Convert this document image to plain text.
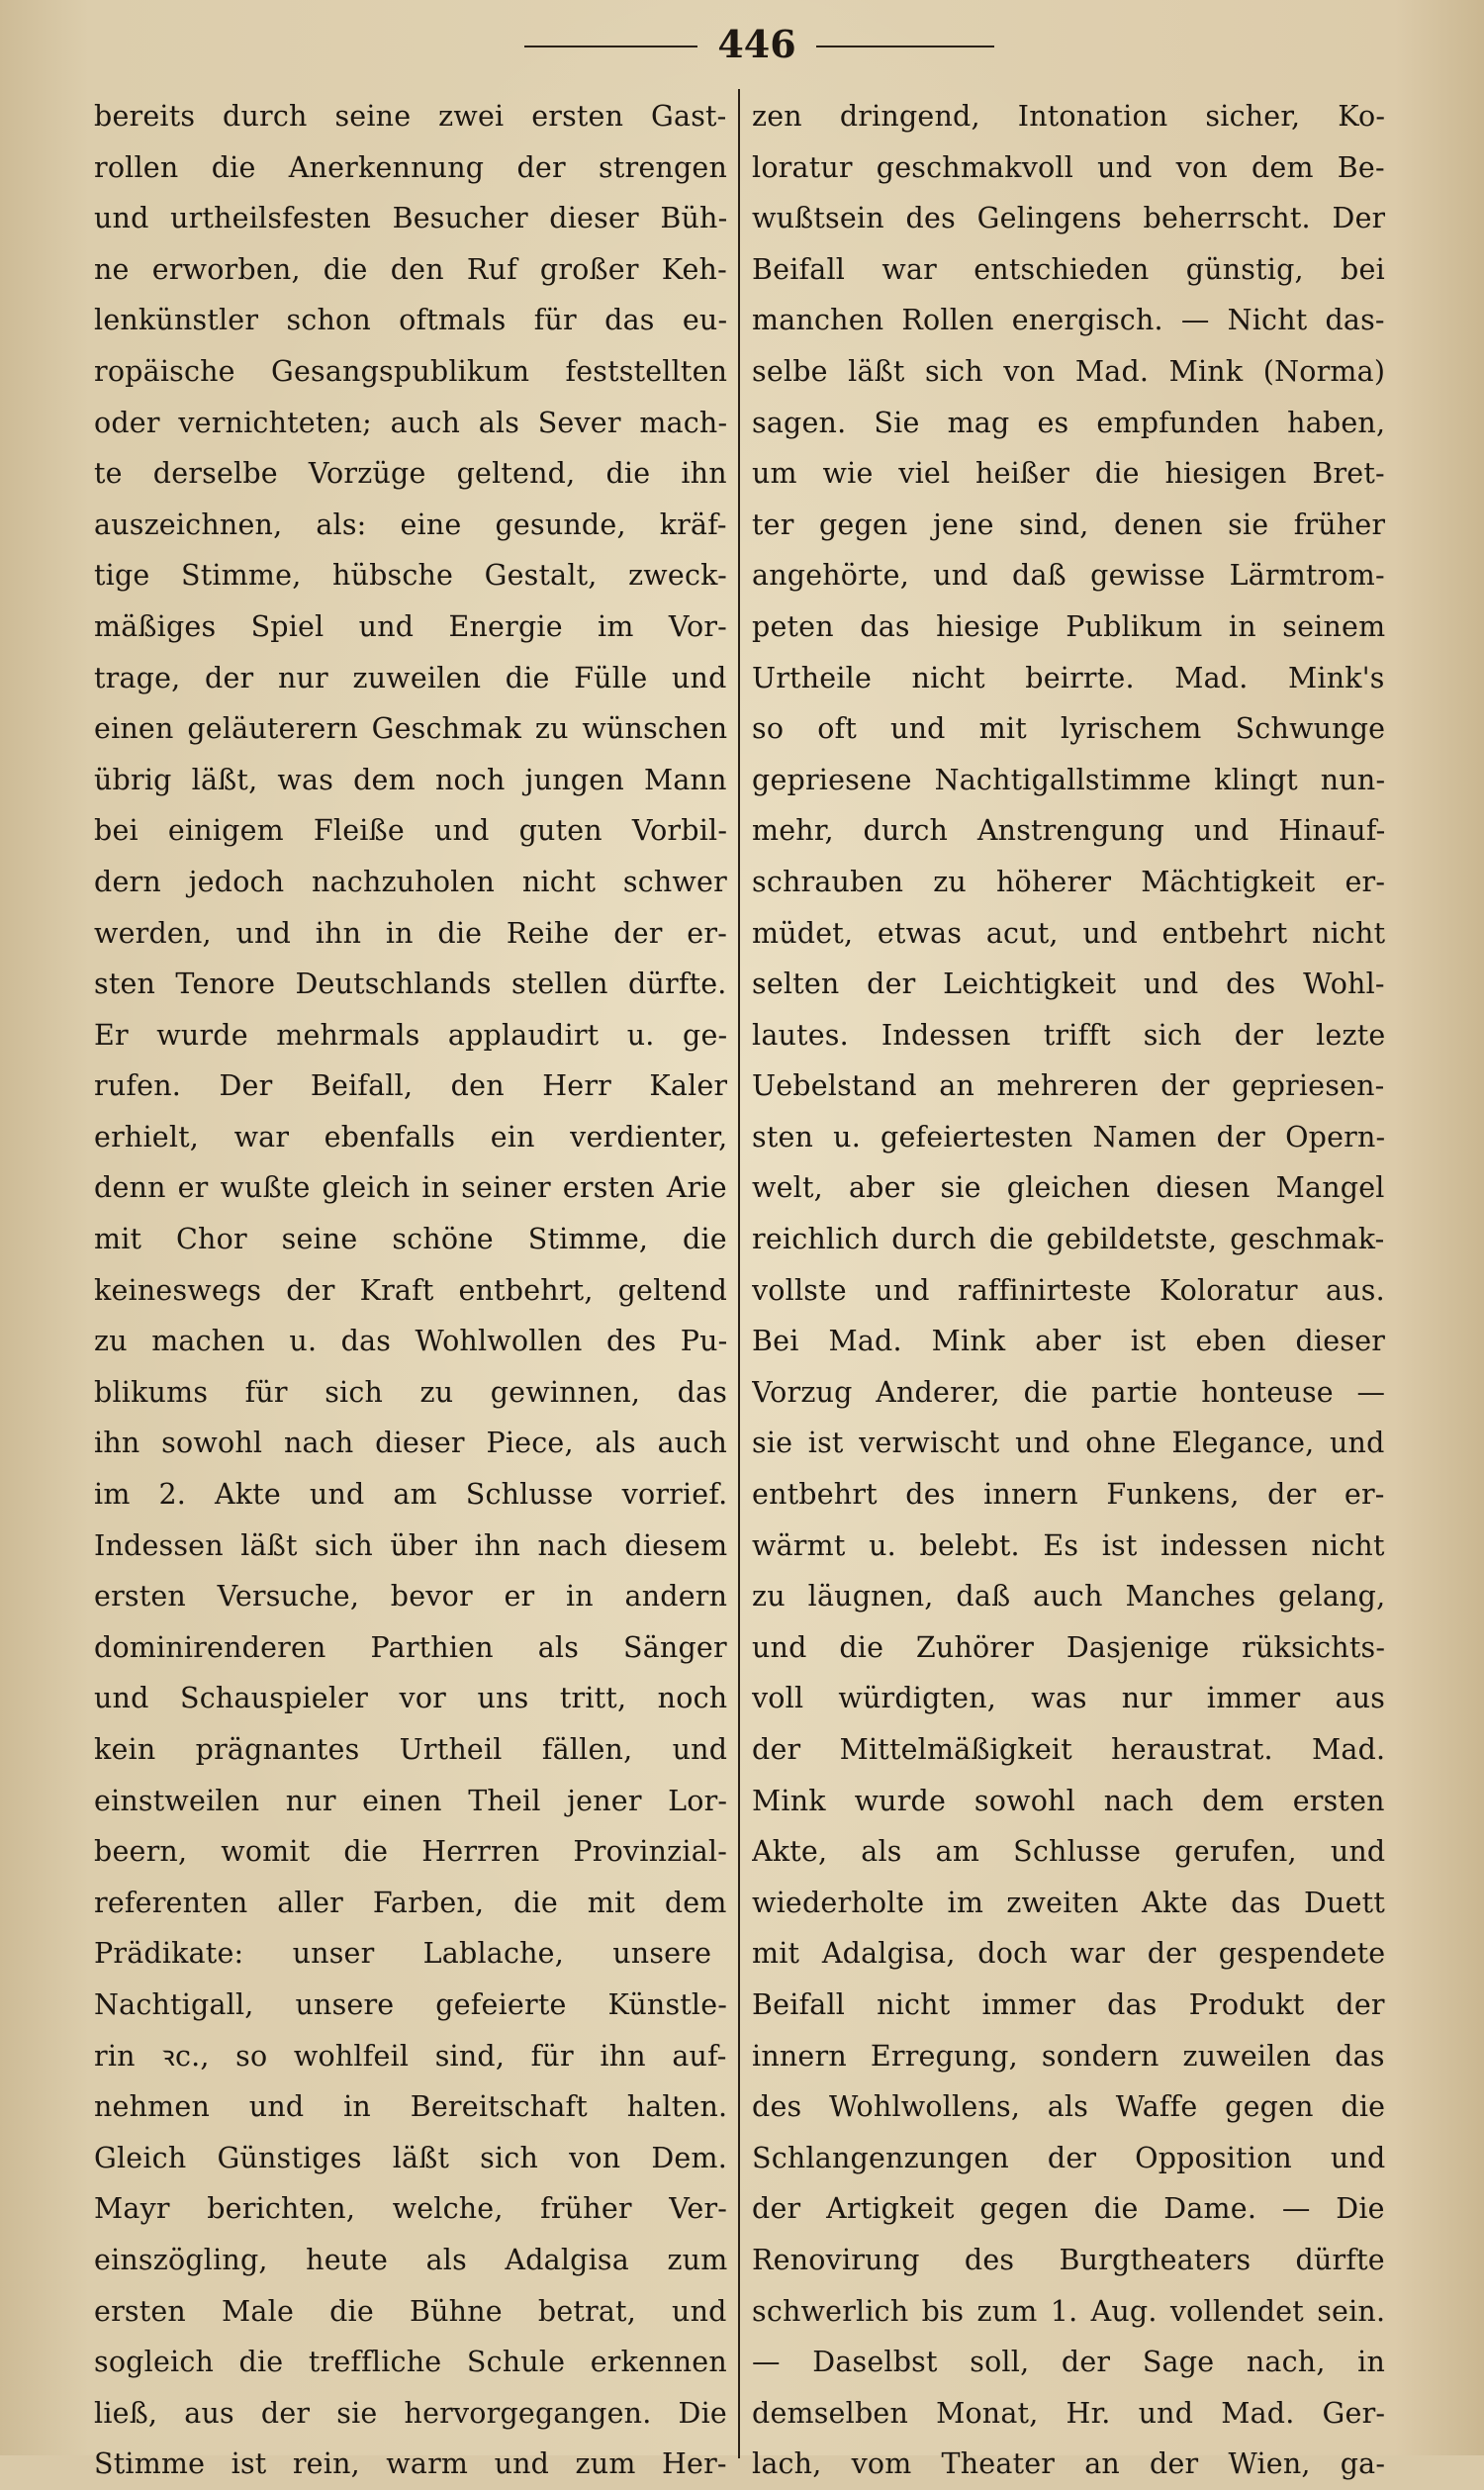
446
bereits durch seine zwei ersten Gast-
rollen die Anerkennung der strengen
und urtheilsfesten Besucher dieser Büh-
ne erworben, die den Ruf großer Keh-
lenkünstler schon oftmals für das eu-
ropäische Gesangspublikum feststellten
oder vernichteten; auch als Sever mach-
te derselbe Vorzüge geltend, die ihn
auszeichnen, als: eine gesunde, kräf-
tige Stimme, hübsche Gestalt, zweck-
mäßiges Spiel und Energie im Vor-
trage, der nur zuweilen die Fülle und
einen geläuterern Geschmak zu wünschen
übrig läßt, was dem noch jungen Mann
bei einigem Fleiße und guten Vorbil-
dern jedoch nachzuholen nicht schwer
werden, und ihn in die Reihe der er-
sten Tenore Deutschlands stellen dürfte.
Er wurde mehrmals applaudirt u. ge-
rufen. Der Beifall, den Herr Kaler
erhielt, war ebenfalls ein verdienter,
denn er wußte gleich in seiner ersten Arie
mit Chor seine schöne Stimme, die
keineswegs der Kraft entbehrt, geltend
zu machen u. das Wohlwollen des Pu-
blikums für sich zu gewinnen, das
ihn sowohl nach dieser Piece, als auch
im 2. Akte und am Schlusse vorrief.
Indessen läßt sich über ihn nach diesem
ersten Versuche, bevor er in andern
dominirenderen Parthien als Sänger
und Schauspieler vor uns tritt, noch
kein prägnantes Urtheil fällen, und
einstweilen nur einen Theil jener Lor-
beern, womit die Herrren Provinzial-
referenten aller Farben, die mit dem
Prädikate: unser Lablache, unsere
Nachtigall, unsere gefeierte Künstle-
rin ꝛc., so wohlfeil sind, für ihn auf-
nehmen und in Bereitschaft halten.
Gleich Günstiges läßt sich von Dem.
Mayr berichten, welche, früher Ver-
einszögling, heute als Adalgisa zum
ersten Male die Bühne betrat, und
sogleich die treffliche Schule erkennen
ließ, aus der sie hervorgegangen. Die
Stimme ist rein, warm und zum Her-
zen dringend, Intonation sicher, Ko-
loratur geschmakvoll und von dem Be-
wußtsein des Gelingens beherrscht. Der
Beifall war entschieden günstig, bei
manchen Rollen energisch. — Nicht das-
selbe läßt sich von Mad. Mink (Norma)
sagen. Sie mag es empfunden haben,
um wie viel heißer die hiesigen Bret-
ter gegen jene sind, denen sie früher
angehörte, und daß gewisse Lärmtrom-
peten das hiesige Publikum in seinem
Urtheile nicht beirrte. Mad. Mink's
so oft und mit lyrischem Schwunge
gepriesene Nachtigallstimme klingt nun-
mehr, durch Anstrengung und Hinauf-
schrauben zu höherer Mächtigkeit er-
müdet, etwas acut, und entbehrt nicht
selten der Leichtigkeit und des Wohl-
lautes. Indessen trifft sich der lezte
Uebelstand an mehreren der gepriesen-
sten u. gefeiertesten Namen der Opern-
welt, aber sie gleichen diesen Mangel
reichlich durch die gebildetste, geschmak-
vollste und raffinirteste Koloratur aus.
Bei Mad. Mink aber ist eben dieser
Vorzug Anderer, die partie honteuse —
sie ist verwischt und ohne Elegance, und
entbehrt des innern Funkens, der er-
wärmt u. belebt. Es ist indessen nicht
zu läugnen, daß auch Manches gelang,
und die Zuhörer Dasjenige rüksichts-
voll würdigten, was nur immer aus
der Mittelmäßigkeit heraustrat. Mad.
Mink wurde sowohl nach dem ersten
Akte, als am Schlusse gerufen, und
wiederholte im zweiten Akte das Duett
mit Adalgisa, doch war der gespendete
Beifall nicht immer das Produkt der
innern Erregung, sondern zuweilen das
des Wohlwollens, als Waffe gegen die
Schlangenzungen der Opposition und
der Artigkeit gegen die Dame. — Die
Renovirung des Burgtheaters dürfte
schwerlich bis zum 1. Aug. vollendet sein.
— Daselbst soll, der Sage nach, in
demselben Monat, Hr. und Mad. Ger-
lach, vom Theater an der Wien, ga-
